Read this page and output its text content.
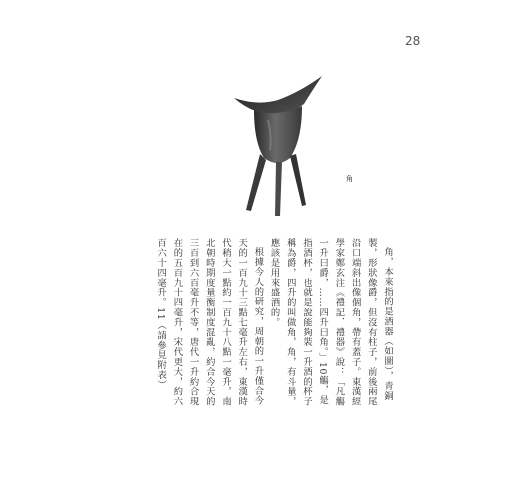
28
角

角，本來指的是酒器（如圖），青銅製，形狀像爵，但沒有柱子，前後兩尾沿口端斜出像個角，帶有蓋子。東漢經學家鄭玄注《禮記．禮器》說：「凡觴一升曰爵，……四升曰角。」10觴，是指酒杯，也就是說能夠裝一升酒的杯子稱為爵，四升的叫做角，角，有斗量，應該是用來盛酒的。

根據今人的研究，周朝的一升僅合今天的一百九十三點七毫升左右，東漢時代稍大一點約一百九十八點一毫升，南北朝時期度量衡制度混亂，約合今天的三百到六百毫升不等，唐代一升約合現在的五百九十四毫升，宋代更大，約六百六十四毫升。11（請參見附表）
